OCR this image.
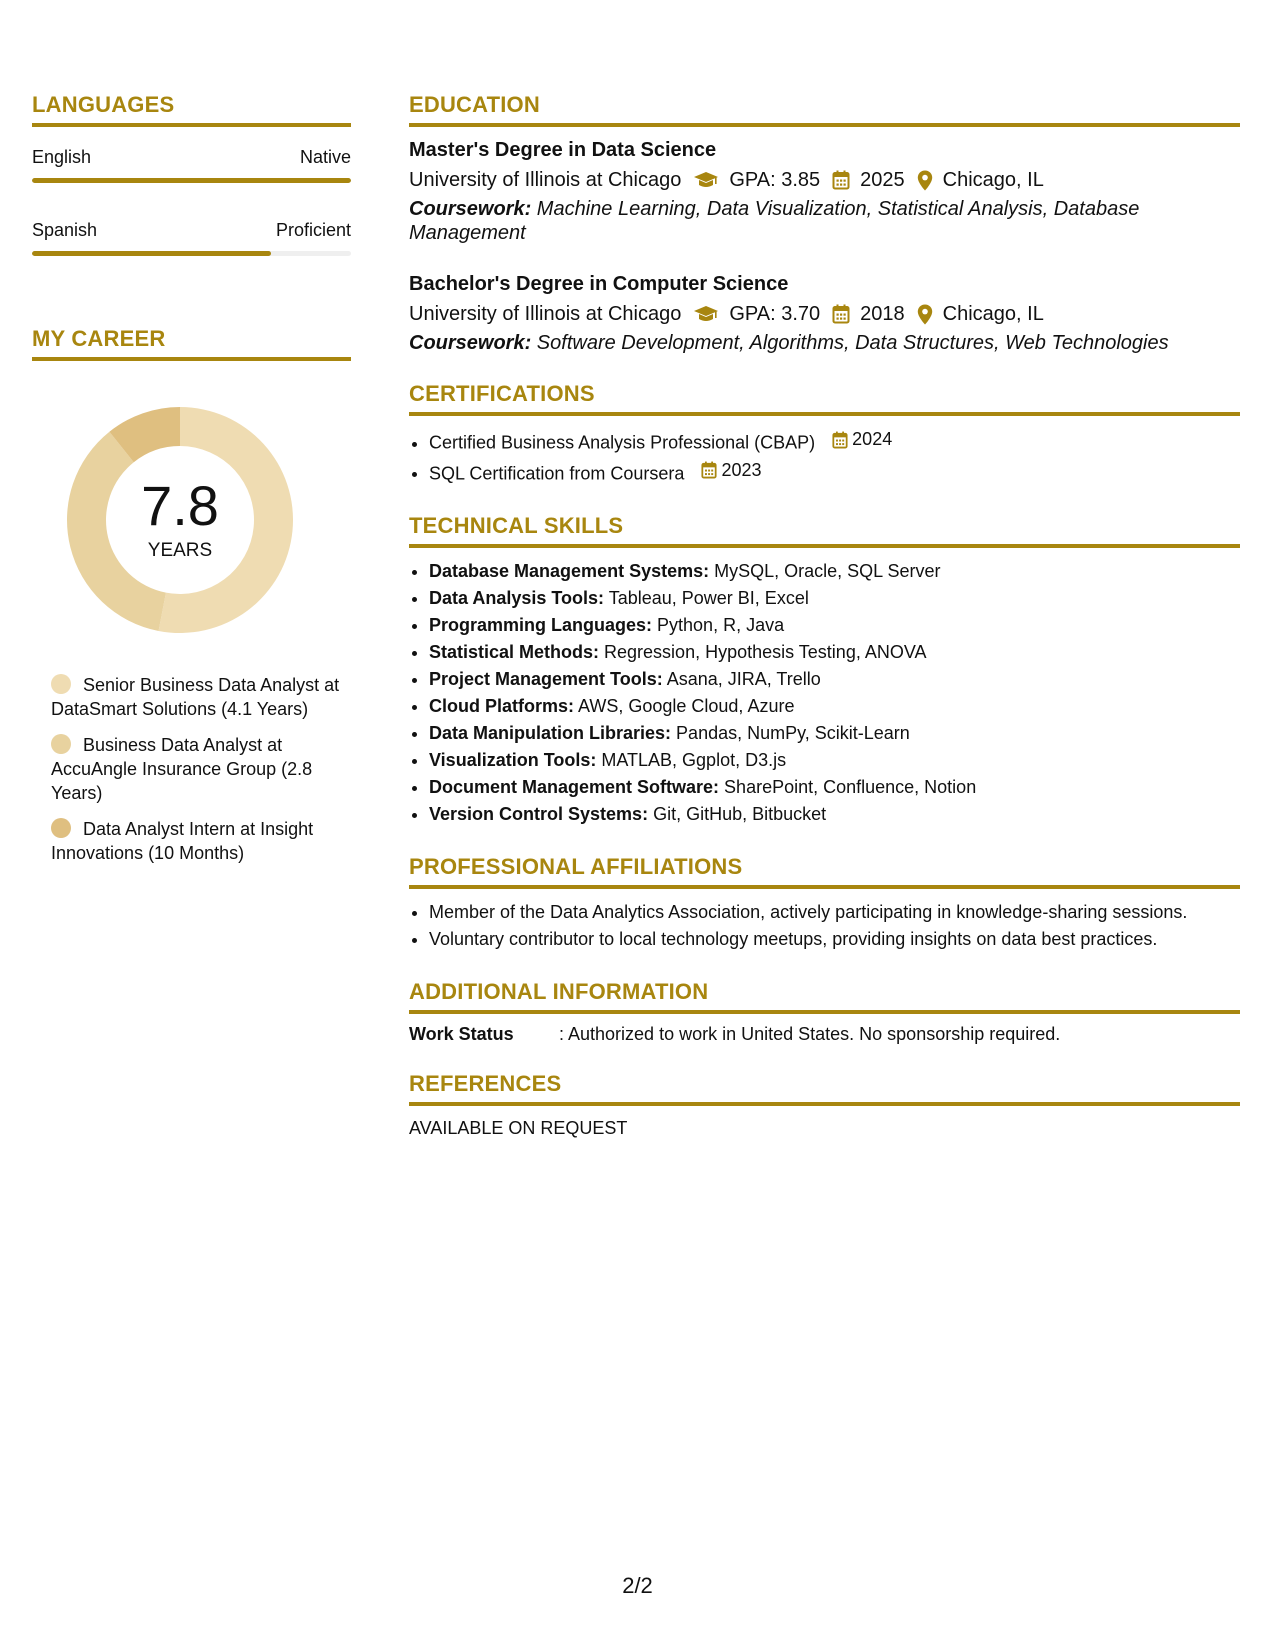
LANGUAGES
English	Native
Spanish	Proficient
MY CAREER
7.8
YEARS
Senior Business Data Analyst at DataSmart Solutions (4.1 Years)
Business Data Analyst at AccuAngle Insurance Group (2.8 Years)
Data Analyst Intern at Insight Innovations (10 Months)
EDUCATION
Master's Degree in Data Science
University of Illinois at Chicago GPA: 3.85 2025 Chicago, IL
Coursework: Machine Learning, Data Visualization, Statistical Analysis, Database Management
Bachelor's Degree in Computer Science
University of Illinois at Chicago GPA: 3.70 2018 Chicago, IL
Coursework: Software Development, Algorithms, Data Structures, Web Technologies
CERTIFICATIONS
• Certified Business Analysis Professional (CBAP) 2024
• SQL Certification from Coursera 2023
TECHNICAL SKILLS
• Database Management Systems: MySQL, Oracle, SQL Server
• Data Analysis Tools: Tableau, Power BI, Excel
• Programming Languages: Python, R, Java
• Statistical Methods: Regression, Hypothesis Testing, ANOVA
• Project Management Tools: Asana, JIRA, Trello
• Cloud Platforms: AWS, Google Cloud, Azure
• Data Manipulation Libraries: Pandas, NumPy, Scikit-Learn
• Visualization Tools: MATLAB, Ggplot, D3.js
• Document Management Software: SharePoint, Confluence, Notion
• Version Control Systems: Git, GitHub, Bitbucket
PROFESSIONAL AFFILIATIONS
• Member of the Data Analytics Association, actively participating in knowledge-sharing sessions.
• Voluntary contributor to local technology meetups, providing insights on data best practices.
ADDITIONAL INFORMATION
Work Status	: Authorized to work in United States. No sponsorship required.
REFERENCES
AVAILABLE ON REQUEST
2/2
